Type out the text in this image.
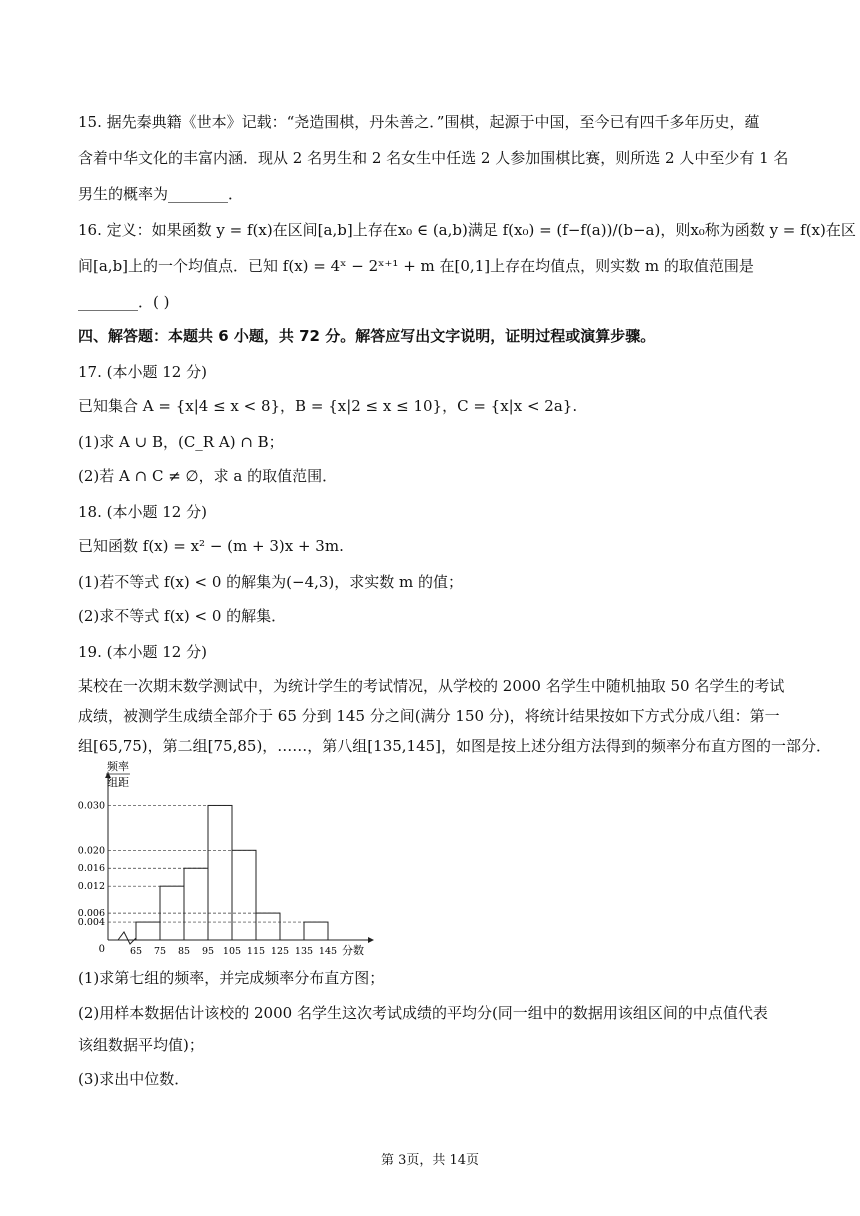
15. 据先秦典籍《世本》记载：“尧造围棋，丹朱善之．”围棋，起源于中国，至今已有四千多年历史，蕴
含着中华文化的丰富内涵．现从 2 名男生和 2 名女生中任选 2 人参加围棋比赛，则所选 2 人中至少有 1 名
男生的概率为________．
16. 定义：如果函数 y = f(x)在区间[a,b]上存在x₀ ∈ (a,b)满足 f(x₀) = (f−f(a))/(b−a)，则x₀称为函数 y = f(x)在区
间[a,b]上的一个均值点．已知 f(x) = 4ˣ − 2ˣ⁺¹ + m 在[0,1]上存在均值点，则实数 m 的取值范围是
________．( )
四、解答题：本题共 6 小题，共 72 分。解答应写出文字说明，证明过程或演算步骤。
17. (本小题 12 分)
已知集合 A = {x|4 ≤ x < 8}，B = {x|2 ≤ x ≤ 10}，C = {x|x < 2a}.
(1)求 A ∪ B，(C_R A) ∩ B；
(2)若 A ∩ C ≠ ∅，求 a 的取值范围．
18. (本小题 12 分)
已知函数 f(x) = x² − (m + 3)x + 3m.
(1)若不等式 f(x) < 0 的解集为(−4,3)，求实数 m 的值；
(2)求不等式 f(x) < 0 的解集．
19. (本小题 12 分)
某校在一次期末数学测试中，为统计学生的考试情况，从学校的 2000 名学生中随机抽取 50 名学生的考试
成绩，被测学生成绩全部介于 65 分到 145 分之间(满分 150 分)，将统计结果按如下方式分成八组：第一
组[65,75)，第二组[75,85)，……，第八组[135,145]，如图是按上述分组方法得到的频率分布直方图的一部分．
频率
组距
0.030
0.020
0.016
0.012
0.006
0.004
0	65 75 85 95 105 115 125 135 145 分数
(1)求第七组的频率，并完成频率分布直方图；
(2)用样本数据估计该校的 2000 名学生这次考试成绩的平均分(同一组中的数据用该组区间的中点值代表
该组数据平均值)；
(3)求出中位数．
第 3页，共 14页
